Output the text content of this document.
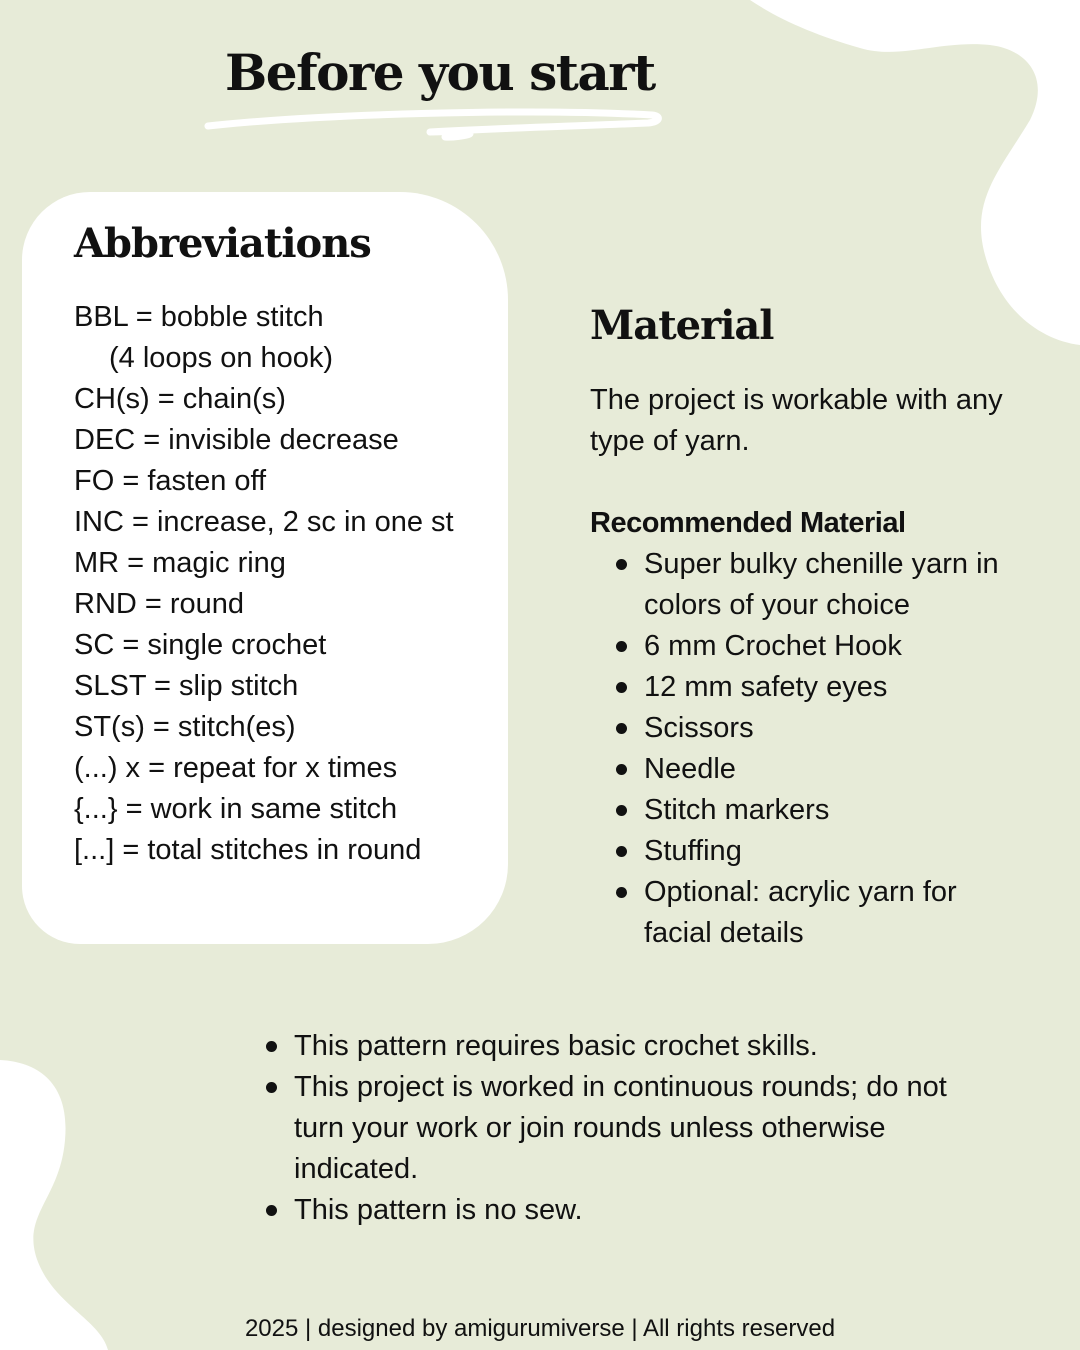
Before you start
Abbreviations
BBL = bobble stitch
(4 loops on hook)
CH(s) = chain(s)
DEC = invisible decrease
FO = fasten off
INC = increase, 2 sc in one st
MR = magic ring
RND = round
SC = single crochet
SLST = slip stitch
ST(s) = stitch(es)
(...) x = repeat for x times
{...} = work in same stitch
[...] = total stitches in round
Material

The project is workable with any type of yarn.

Recommended Material

Super bulky chenille yarn in colors of your choice
6 mm Crochet Hook
12 mm safety eyes
Scissors
Needle
Stitch markers
Stuffing
Optional: acrylic yarn for facial details
This pattern requires basic crochet skills.
This project is worked in continuous rounds; do not turn your work or join rounds unless otherwise indicated.
This pattern is no sew.

2025 | designed by amigurumiverse | All rights reserved
